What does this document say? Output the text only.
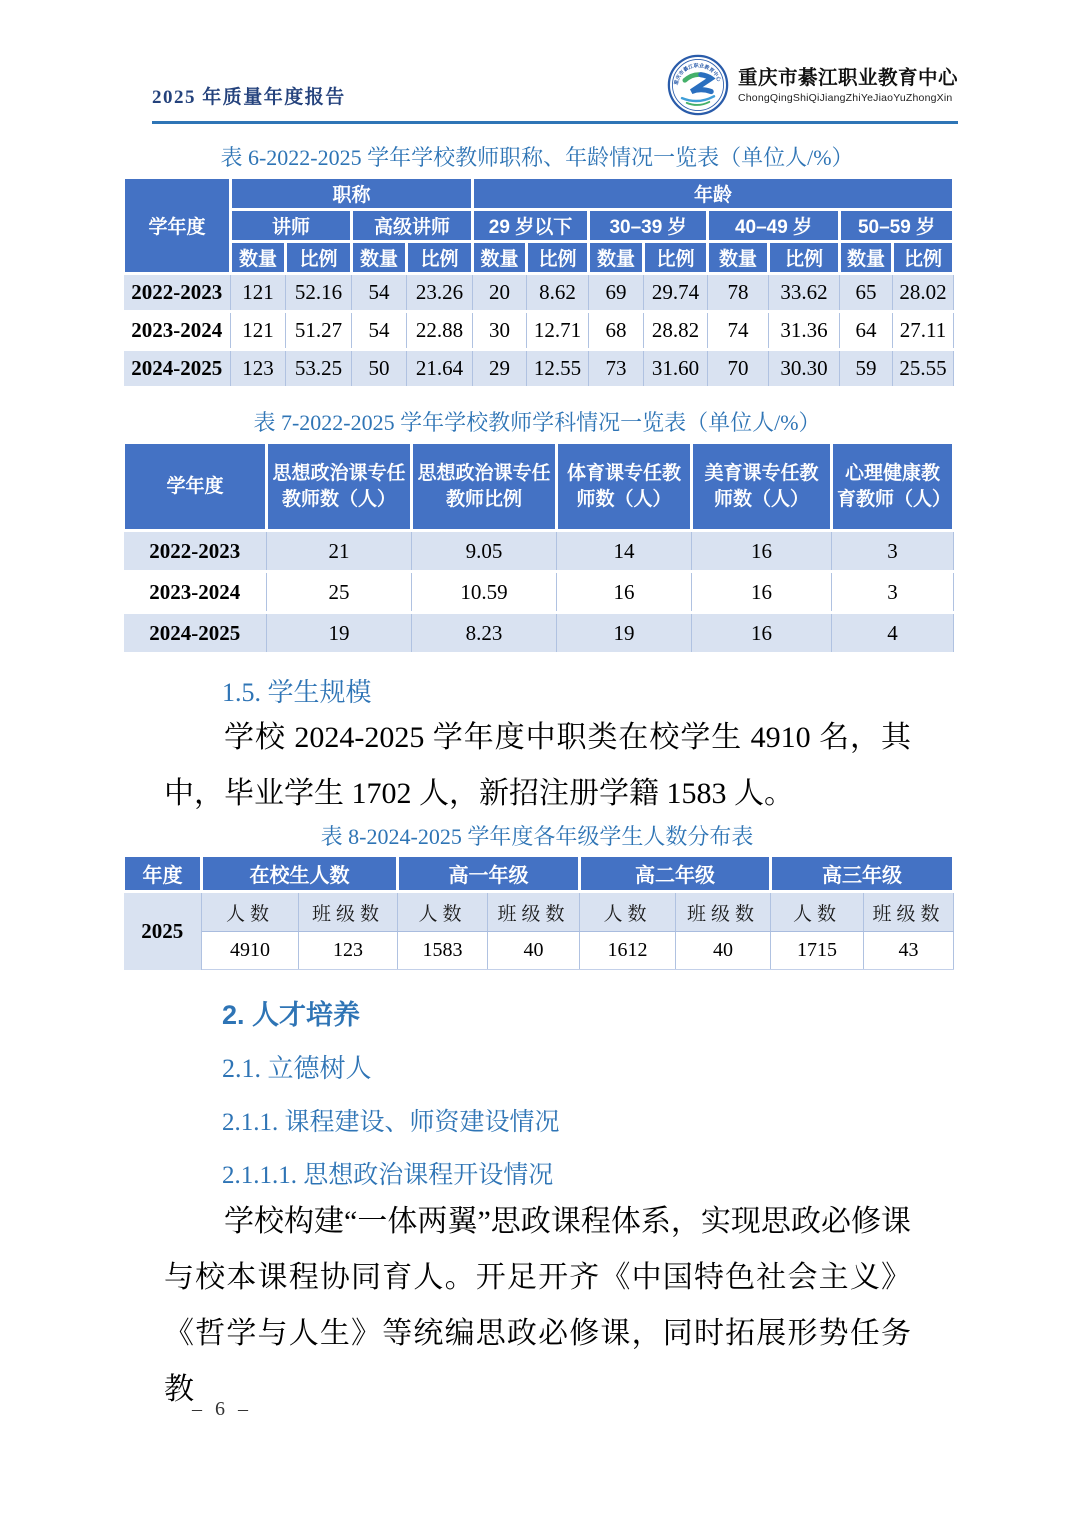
2025 年质量年度报告
重庆市綦江职业教育中心 重庆市綦江职业教育中心
ChongQingShiQiJiangZhiYeJiaoYuZhongXin
表 6-2022-2025 学年学校教师职称、年龄情况一览表（单位人/%）
学年度	职称				年龄							
	讲师		高级讲师		29 岁以下		30–39 岁		40–49 岁		50–59 岁	
	数量	比例	数量	比例	数量	比例	数量	比例	数量	比例	数量	比例
2022-2023	121	52.16	54	23.26	20	8.62	69	29.74	78	33.62	65	28.02
2023-2024	121	51.27	54	22.88	30	12.71	68	28.82	74	31.36	64	27.11
2024-2025	123	53.25	50	21.64	29	12.55	73	31.60	70	30.30	59	25.55
表 7-2022-2025 学年学校教师学科情况一览表（单位人/%）
学年度	思想政治课专任教师数（人）	思想政治课专任教师比例	体育课专任教师数（人）	美育课专任教师数（人）	心理健康教育教师（人）
2022-2023	21	9.05	14	16	3
2023-2024	25	10.59	16	16	3
2024-2025	19	8.23	19	16	4
1.5. 学生规模
学校 2024-2025 学年度中职类在校学生 4910 名，其中，毕业学生 1702 人，新招注册学籍 1583 人。
表 8-2024-2025 学年度各年级学生人数分布表
年度	在校生人数		高一年级		高二年级		高三年级	
2025	人数	班级数	人数	班级数	人数	班级数	人数	班级数
	4910	123	1583	40	1612	40	1715	43
2. 人才培养
2.1. 立德树人
2.1.1. 课程建设、师资建设情况
2.1.1.1. 思想政治课程开设情况
学校构建“一体两翼”思政课程体系，实现思政必修课与校本课程协同育人。开足开齐《中国特色社会主义》《哲学与人生》等统编思政必修课，同时拓展形势任务教
– 6 –
